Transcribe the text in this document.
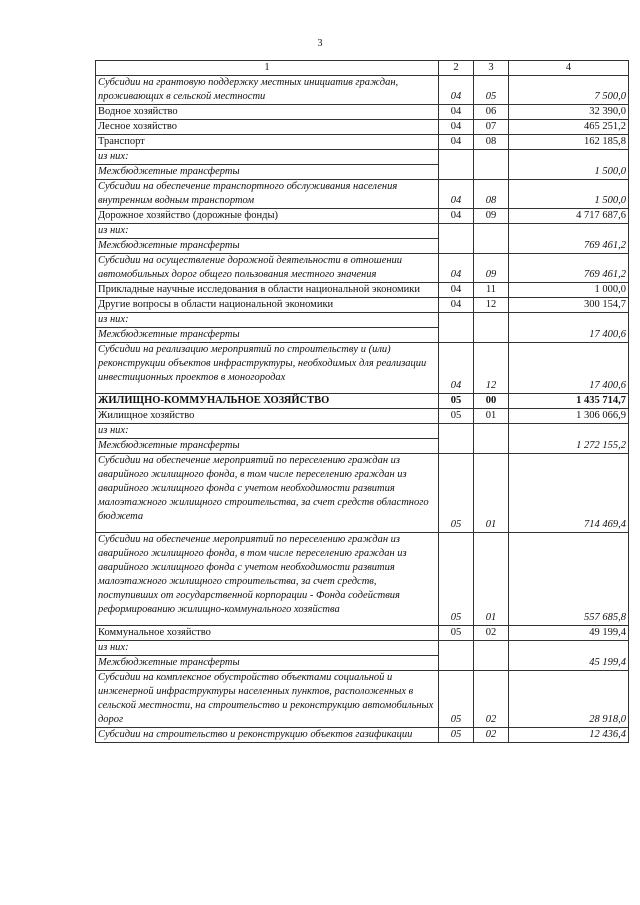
3
1	2	3	4
Субсидии на грантовую поддержку местных инициатив граждан, проживающих в сельской местности	04	05	7 500,0
Водное хозяйство	04	06	32 390,0
Лесное хозяйство	04	07	465 251,2
Транспорт	04	08	162 185,8
из них:			1 500,0
Межбюджетные трансферты			
Субсидии на обеспечение транспортного обслуживания населения внутренним водным транспортом	04	08	1 500,0
Дорожное хозяйство (дорожные фонды)	04	09	4 717 687,6
из них:			769 461,2
Межбюджетные трансферты			
Субсидии на осуществление дорожной деятельности в отношении автомобильных дорог общего пользования местного значения	04	09	769 461,2
Прикладные научные исследования в области национальной экономики	04	11	1 000,0
Другие вопросы в области национальной экономики	04	12	300 154,7
из них:			17 400,6
Межбюджетные трансферты			
Субсидии на реализацию мероприятий по строительству и (или) реконструкции объектов инфраструктуры, необходимых для реализации инвестиционных проектов в моногородах	04	12	17 400,6
ЖИЛИЩНО-КОММУНАЛЬНОЕ ХОЗЯЙСТВО	05	00	1 435 714,7
Жилищное хозяйство	05	01	1 306 066,9
из них:			1 272 155,2
Межбюджетные трансферты			
Субсидии на обеспечение мероприятий по переселению граждан из аварийного жилищного фонда, в том числе переселению граждан из аварийного жилищного фонда с учетом необходимости развития малоэтажного жилищного строительства, за счет средств областного бюджета	05	01	714 469,4
Субсидии на обеспечение мероприятий по переселению граждан из аварийного жилищного фонда, в том числе переселению граждан из аварийного жилищного фонда с учетом необходимости развития малоэтажного жилищного строительства, за счет средств, поступивших от государственной корпорации - Фонда содействия реформированию жилищно-коммунального хозяйства	05	01	557 685,8
Коммунальное хозяйство	05	02	49 199,4
из них:			45 199,4
Межбюджетные трансферты			
Субсидии на комплексное обустройство объектами социальной и инженерной инфраструктуры населенных пунктов, расположенных в сельской местности, на строительство и реконструкцию автомобильных дорог	05	02	28 918,0
Субсидии на строительство и реконструкцию объектов газификации	05	02	12 436,4
